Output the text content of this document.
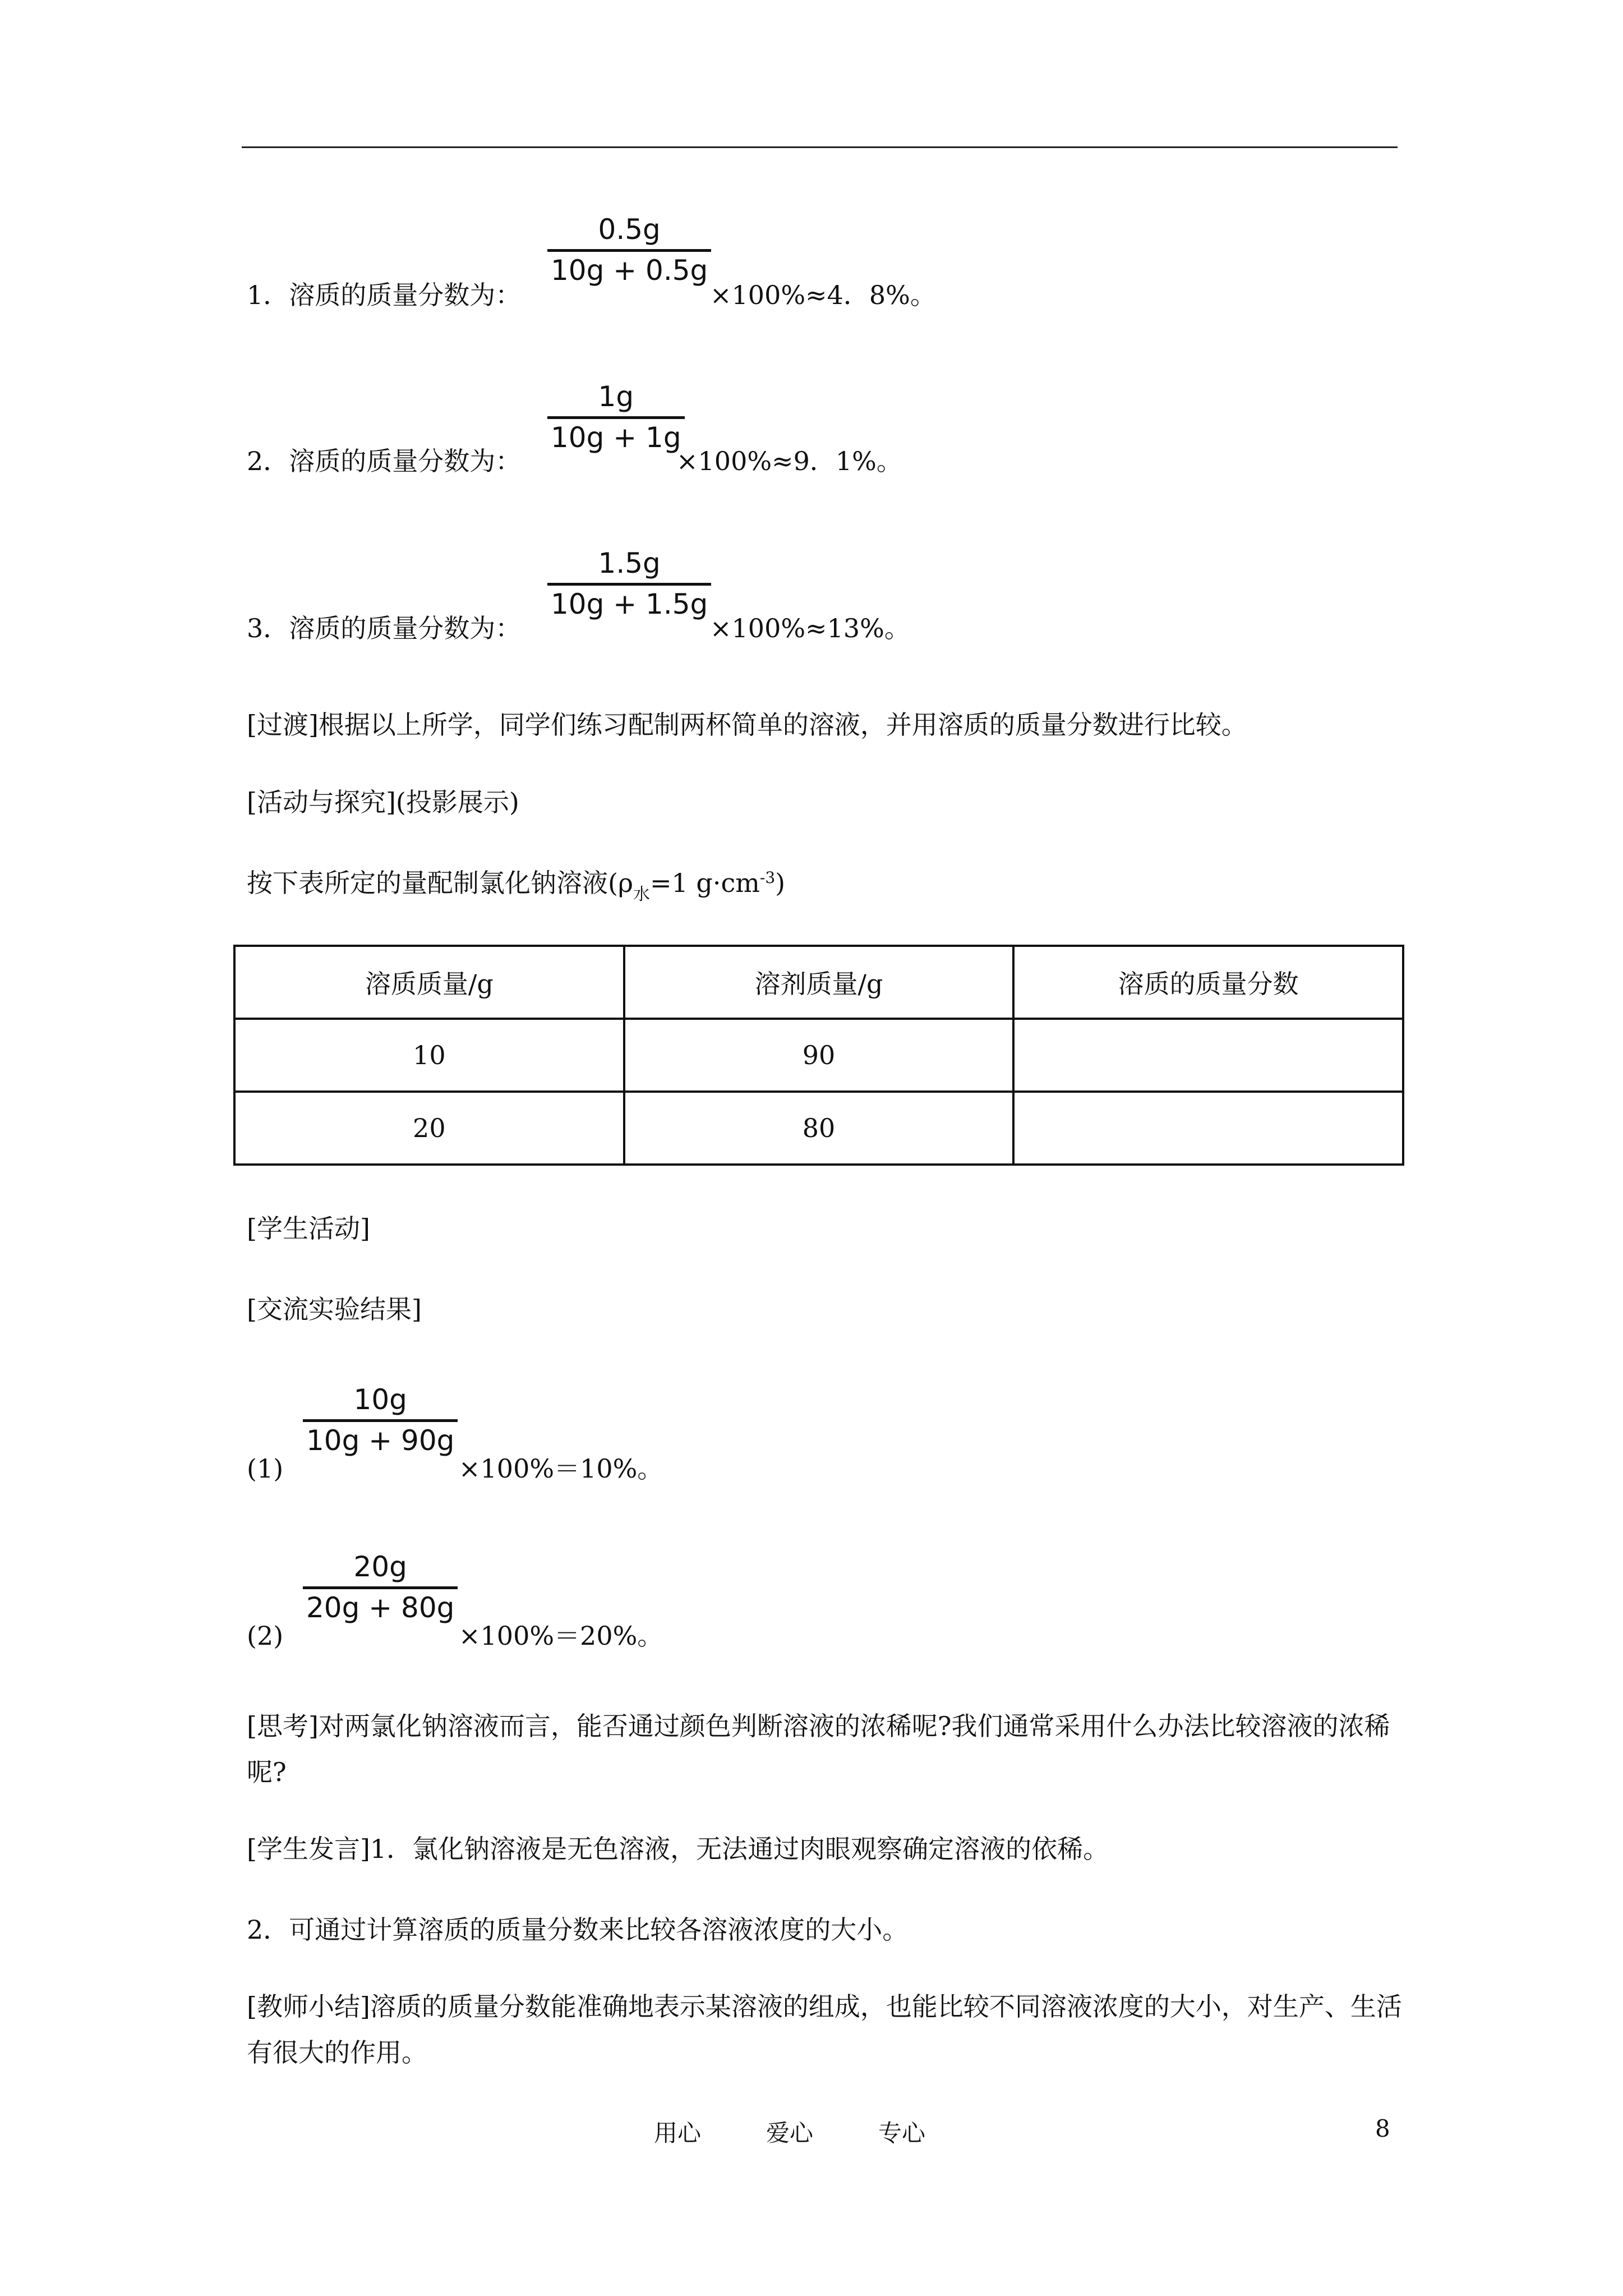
0.5g
10g + 0.5g
1．溶质的质量分数为：	×100%≈4．8%。
1g
10g + 1g
2．溶质的质量分数为：	×100%≈9．1%。
1.5g
10g + 1.5g
3．溶质的质量分数为：	×100%≈13%。
[过渡]根据以上所学，同学们练习配制两杯简单的溶液，并用溶质的质量分数进行比较。
[活动与探究](投影展示)
按下表所定的量配制氯化钠溶液($\rho_水=1$ $g\cdot cm^{-3}$)
溶质质量/g	溶剂质量/g	溶质的质量分数
10	90	
20	80	
[学生活动]
[交流实验结果]
10g
10g + 90g
(1)	×100%＝10%。
20g
20g + 80g
(2)	×100%＝20%。
[思考]对两氯化钠溶液而言，能否通过颜色判断溶液的浓稀呢?我们通常采用什么办法比较溶液的浓稀呢?
[学生发言]1．氯化钠溶液是无色溶液，无法通过肉眼观察确定溶液的依稀。
2．可通过计算溶质的质量分数来比较各溶液浓度的大小。
[教师小结]溶质的质量分数能准确地表示某溶液的组成，也能比较不同溶液浓度的大小，对生产、生活有很大的作用。
用心	爱心	专心	8
